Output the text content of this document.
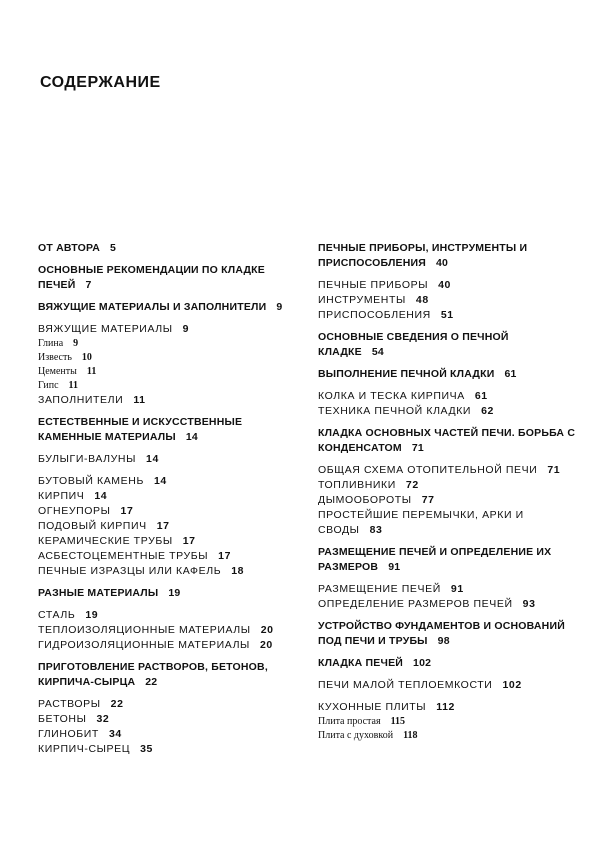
СОДЕРЖАНИЕ

ОТ АВТОРА 5

ОСНОВНЫЕ РЕКОМЕНДАЦИИ ПО КЛАДКЕ ПЕЧЕЙ 7

ВЯЖУЩИЕ МАТЕРИАЛЫ И ЗАПОЛНИТЕЛИ 9

ВЯЖУЩИЕ МАТЕРИАЛЫ 9

Глина 9

Известь 10

Цементы 11

Гипс 11

ЗАПОЛНИТЕЛИ 11

ЕСТЕСТВЕННЫЕ И ИСКУССТВЕННЫЕ КАМЕННЫЕ МАТЕРИАЛЫ 14

БУЛЫГИ-ВАЛУНЫ 14

БУТОВЫЙ КАМЕНЬ 14

КИРПИЧ 14

ОГНЕУПОРЫ 17

ПОДОВЫЙ КИРПИЧ 17

КЕРАМИЧЕСКИЕ ТРУБЫ 17

АСБЕСТОЦЕМЕНТНЫЕ ТРУБЫ 17

ПЕЧНЫЕ ИЗРАЗЦЫ ИЛИ КАФЕЛЬ 18

РАЗНЫЕ МАТЕРИАЛЫ 19

СТАЛЬ 19

ТЕПЛОИЗОЛЯЦИОННЫЕ МАТЕРИАЛЫ 20

ГИДРОИЗОЛЯЦИОННЫЕ МАТЕРИАЛЫ 20

ПРИГОТОВЛЕНИЕ РАСТВОРОВ, БЕТОНОВ, КИРПИЧА-СЫРЦА 22

РАСТВОРЫ 22

БЕТОНЫ 32

ГЛИНОБИТ 34

КИРПИЧ-СЫРЕЦ 35

ПЕЧНЫЕ ПРИБОРЫ, ИНСТРУМЕНТЫ И ПРИСПОСОБЛЕНИЯ 40

ПЕЧНЫЕ ПРИБОРЫ 40

ИНСТРУМЕНТЫ 48

ПРИСПОСОБЛЕНИЯ 51

ОСНОВНЫЕ СВЕДЕНИЯ О ПЕЧНОЙ КЛАДКЕ 54

ВЫПОЛНЕНИЕ ПЕЧНОЙ КЛАДКИ 61

КОЛКА И ТЕСКА КИРПИЧА 61

ТЕХНИКА ПЕЧНОЙ КЛАДКИ 62

КЛАДКА ОСНОВНЫХ ЧАСТЕЙ ПЕЧИ. БОРЬБА С КОНДЕНСАТОМ 71

ОБЩАЯ СХЕМА ОТОПИТЕЛЬНОЙ ПЕЧИ 71

ТОПЛИВНИКИ 72

ДЫМООБОРОТЫ 77

ПРОСТЕЙШИЕ ПЕРЕМЫЧКИ, АРКИ И СВОДЫ 83

РАЗМЕЩЕНИЕ ПЕЧЕЙ И ОПРЕДЕЛЕНИЕ ИХ РАЗМЕРОВ 91

РАЗМЕЩЕНИЕ ПЕЧЕЙ 91

ОПРЕДЕЛЕНИЕ РАЗМЕРОВ ПЕЧЕЙ 93

УСТРОЙСТВО ФУНДАМЕНТОВ И ОСНОВАНИЙ ПОД ПЕЧИ И ТРУБЫ 98

КЛАДКА ПЕЧЕЙ 102

ПЕЧИ МАЛОЙ ТЕПЛОЕМКОСТИ 102

КУХОННЫЕ ПЛИТЫ 112

Плита простая 115

Плита с духовкой 118
